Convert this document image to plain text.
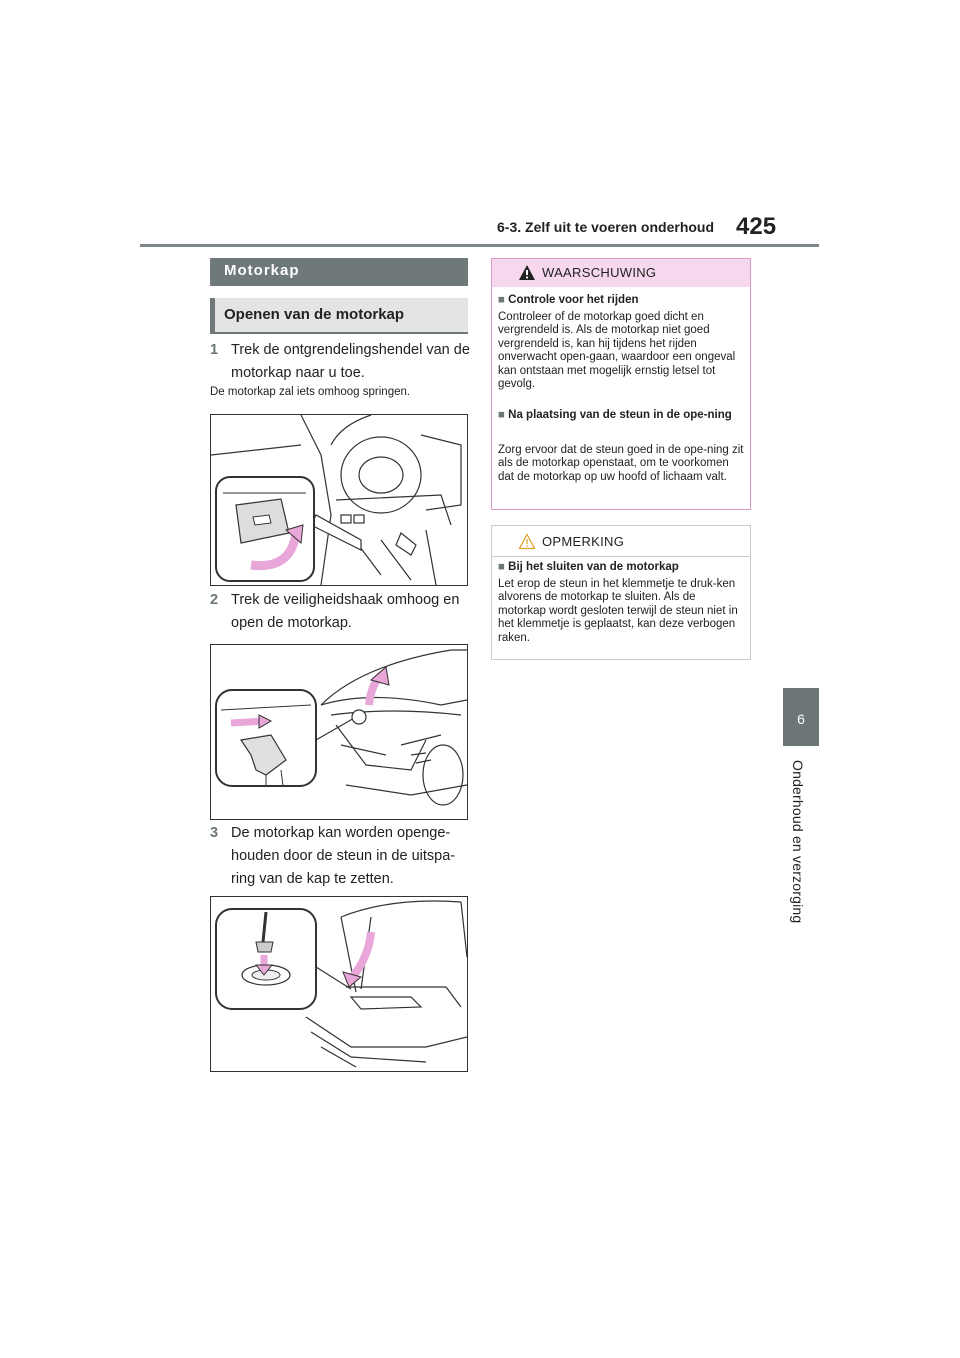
6-3. Zelf uit te voeren onderhoud 425
6
Onderhoud en verzorging
Motorkap
Openen van de motorkap
1 Trek de ontgrendelingshendel van de motorkap naar u toe.
De motorkap zal iets omhoog springen.
2 Trek de veiligheidshaak omhoog en open de motorkap.
3 De motorkap kan worden openge-houden door de steun in de uitspa-ring van de kap te zetten.
WAARSCHUWING
■ Controle voor het rijden
Controleer of de motorkap goed dicht en vergrendeld is. Als de motorkap niet goed vergrendeld is, kan hij tijdens het rijden onverwacht open-gaan, waardoor een ongeval kan ontstaan met mogelijk ernstig letsel tot gevolg.
■ Na plaatsing van de steun in de ope-ning
Zorg ervoor dat de steun goed in de ope-ning zit als de motorkap openstaat, om te voorkomen dat de motorkap op uw hoofd of lichaam valt.
OPMERKING
■ Bij het sluiten van de motorkap
Let erop de steun in het klemmetje te druk-ken alvorens de motorkap te sluiten. Als de motorkap wordt gesloten terwijl de steun niet in het klemmetje is geplaatst, kan deze verbogen raken.
